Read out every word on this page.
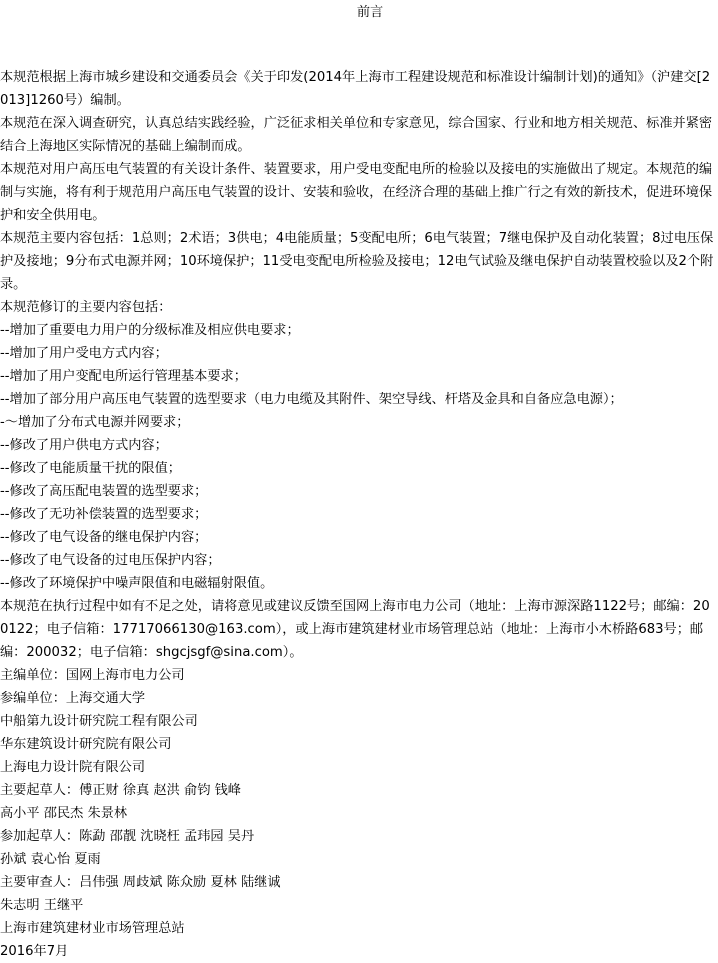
前言

本规范根据上海市城乡建设和交通委员会《关于印发(2014年上海市工程建设规范和标准设计编制计划)的通知》（沪建交[2013]1260号）编制。

本规范在深入调查研究，认真总结实践经验，广泛征求相关单位和专家意见，综合国家、行业和地方相关规范、标准并紧密结合上海地区实际情况的基础上编制而成。

本规范对用户高压电气装置的有关设计条件、装置要求，用户受电变配电所的检验以及接电的实施做出了规定。本规范的编制与实施，将有利于规范用户高压电气装置的设计、安装和验收，在经济合理的基础上推广行之有效的新技术，促进环境保护和安全供用电。

本规范主要内容包括：1总则；2术语；3供电；4电能质量；5变配电所；6电气装置；7继电保护及自动化装置；8过电压保护及接地；9分布式电源并网；10环境保护；11受电变配电所检验及接电；12电气试验及继电保护自动装置校验以及2个附录。

本规范修订的主要内容包括：

--增加了重要电力用户的分级标准及相应供电要求；

--增加了用户受电方式内容；

--增加了用户变配电所运行管理基本要求；

--增加了部分用户高压电气装置的选型要求（电力电缆及其附件、架空导线、杆塔及金具和自备应急电源）；

-～增加了分布式电源并网要求；

--修改了用户供电方式内容；

--修改了电能质量干扰的限值；

--修改了高压配电装置的选型要求；

--修改了无功补偿装置的选型要求；

--修改了电气设备的继电保护内容；

--修改了电气设备的过电压保护内容；

--修改了环境保护中噪声限值和电磁辐射限值。

本规范在执行过程中如有不足之处，请将意见或建议反馈至国网上海市电力公司（地址：上海市源深路1122号；邮编：200122；电子信箱：17717066130@163.com），或上海市建筑建材业市场管理总站（地址：上海市小木桥路683号；邮编：200032；电子信箱：shgcjsgf@sina.com）。

主编单位：国网上海市电力公司

参编单位：上海交通大学

中船第九设计研究院工程有限公司

华东建筑设计研究院有限公司

上海电力设计院有限公司

主要起草人：傅正财 徐真 赵洪 俞钧 钱峰

高小平 邵民杰 朱景林

参加起草人：陈勐 邵靓 沈晓枉 孟玮园 吴丹

孙斌 袁心怡 夏雨

主要审查人：吕伟强 周歧斌 陈众励 夏林 陆继诚

朱志明 王继平

上海市建筑建材业市场管理总站

2016年7月
